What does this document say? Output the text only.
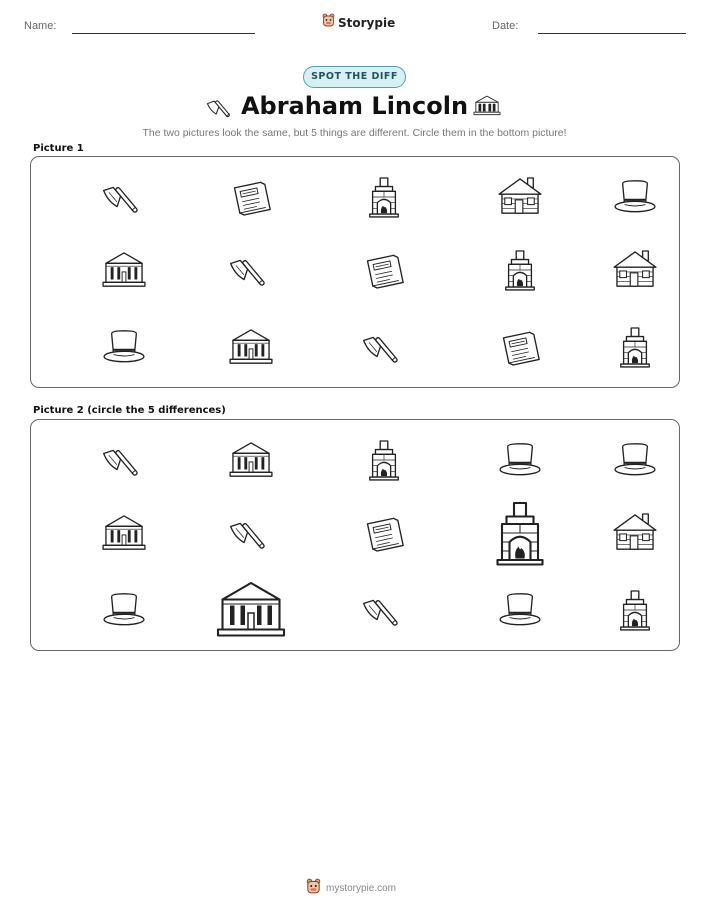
Name:	Storypie	Date:
SPOT THE DIFF
Abraham Lincoln
The two pictures look the same, but 5 things are different. Circle them in the bottom picture!
Picture 1
Picture 2 (circle the 5 differences)
mystorypie.com
